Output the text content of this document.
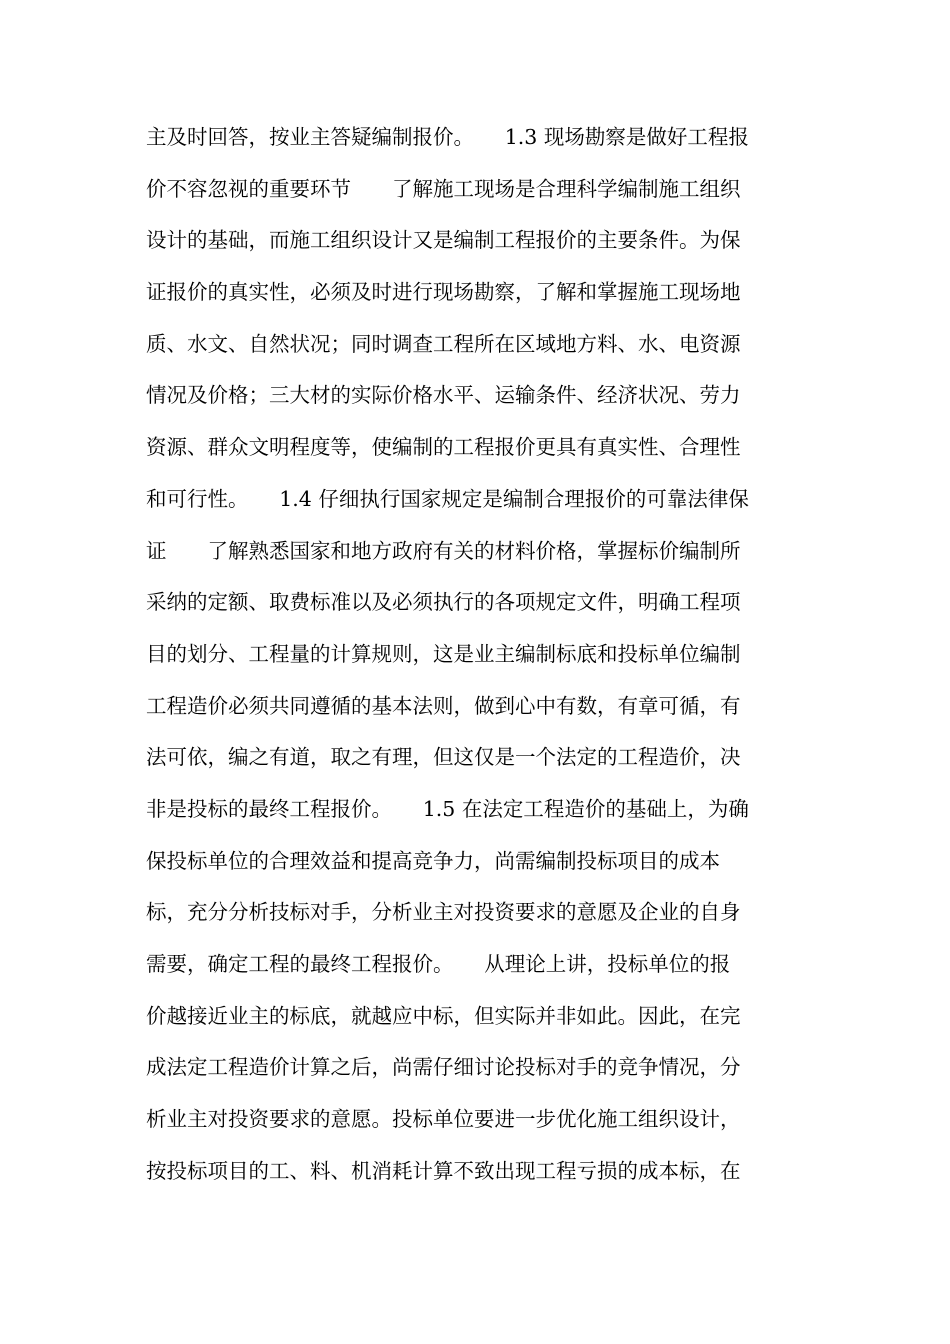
主及时回答，按业主答疑编制报价。　　1.3 现场勘察是做好工程报
价不容忽视的重要环节　　了解施工现场是合理科学编制施工组织
设计的基础，而施工组织设计又是编制工程报价的主要条件。为保
证报价的真实性，必须及时进行现场勘察，了解和掌握施工现场地
质、水文、自然状况；同时调查工程所在区域地方料、水、电资源
情况及价格；三大材的实际价格水平、运输条件、经济状况、劳力
资源、群众文明程度等，使编制的工程报价更具有真实性、合理性
和可行性。　　1.4 仔细执行国家规定是编制合理报价的可靠法律保
证　　了解熟悉国家和地方政府有关的材料价格，掌握标价编制所
采纳的定额、取费标准以及必须执行的各项规定文件，明确工程项
目的划分、工程量的计算规则，这是业主编制标底和投标单位编制
工程造价必须共同遵循的基本法则，做到心中有数，有章可循，有
法可依，编之有道，取之有理，但这仅是一个法定的工程造价，决
非是投标的最终工程报价。　　1.5 在法定工程造价的基础上，为确
保投标单位的合理效益和提高竞争力，尚需编制投标项目的成本
标，充分分析技标对手，分析业主对投资要求的意愿及企业的自身
需要，确定工程的最终工程报价。　　从理论上讲，投标单位的报
价越接近业主的标底，就越应中标，但实际并非如此。因此，在完
成法定工程造价计算之后，尚需仔细讨论投标对手的竞争情况，分
析业主对投资要求的意愿。投标单位要进一步优化施工组织设计，
按投标项目的工、料、机消耗计算不致出现工程亏损的成本标，在
